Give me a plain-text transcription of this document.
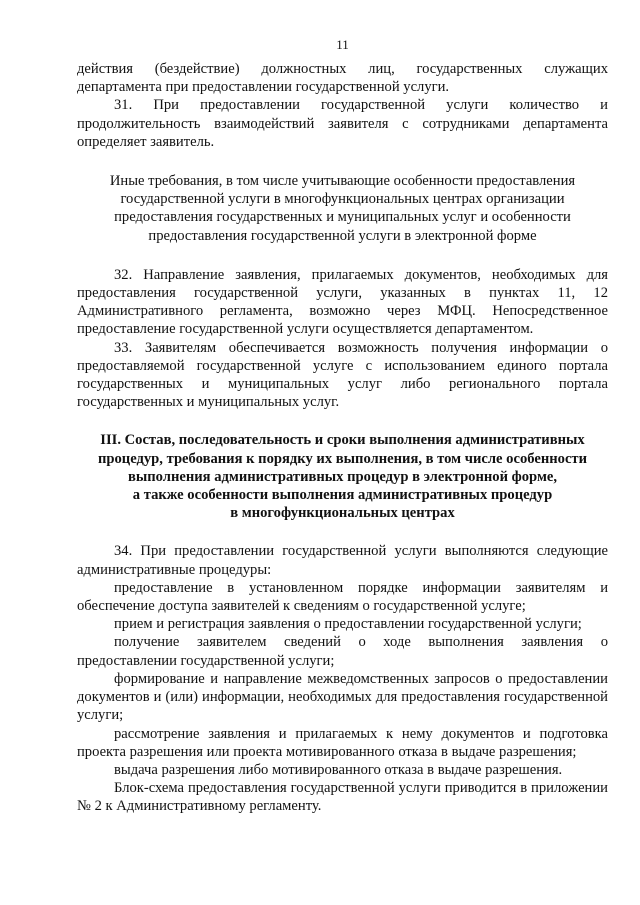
11

действия (бездействие) должностных лиц, государственных служащих

департамента при предоставлении государственной услуги.

31. При предоставлении государственной услуги количество и

продолжительность взаимодействий заявителя с сотрудниками департамента определяет заявитель.

Иные требования, в том числе учитывающие особенности предоставления
государственной услуги в многофункциональных центрах организации
предоставления государственных и муниципальных услуг и особенности
предоставления государственной услуги в электронной форме

32. Направление заявления, прилагаемых документов, необходимых для предоставления государственной услуги, указанных в пунктах 11, 12 Административного регламента, возможно через МФЦ. Непосредственное предоставление государственной услуги осуществляется департаментом.

33. Заявителям обеспечивается возможность получения информации о предоставляемой государственной услуге с использованием единого портала государственных и муниципальных услуг либо регионального портала государственных и муниципальных услуг.

III. Состав, последовательность и сроки выполнения административных
процедур, требования к порядку их выполнения, в том числе особенности
выполнения административных процедур в электронной форме,
а также особенности выполнения административных процедур
в многофункциональных центрах

34. При предоставлении государственной услуги выполняются следующие административные процедуры:

предоставление в установленном порядке информации заявителям и обеспечение доступа заявителей к сведениям о государственной услуге;

прием и регистрация заявления о предоставлении государственной услуги;

получение заявителем сведений о ходе выполнения заявления о предоставлении государственной услуги;

формирование и направление межведомственных запросов о предоставлении документов и (или) информации, необходимых для предоставления государственной услуги;

рассмотрение заявления и прилагаемых к нему документов и подготовка проекта разрешения или проекта мотивированного отказа в выдаче разрешения;

выдача разрешения либо мотивированного отказа в выдаче разрешения.

Блок-схема предоставления государственной услуги приводится в приложении № 2 к Административному регламенту.
